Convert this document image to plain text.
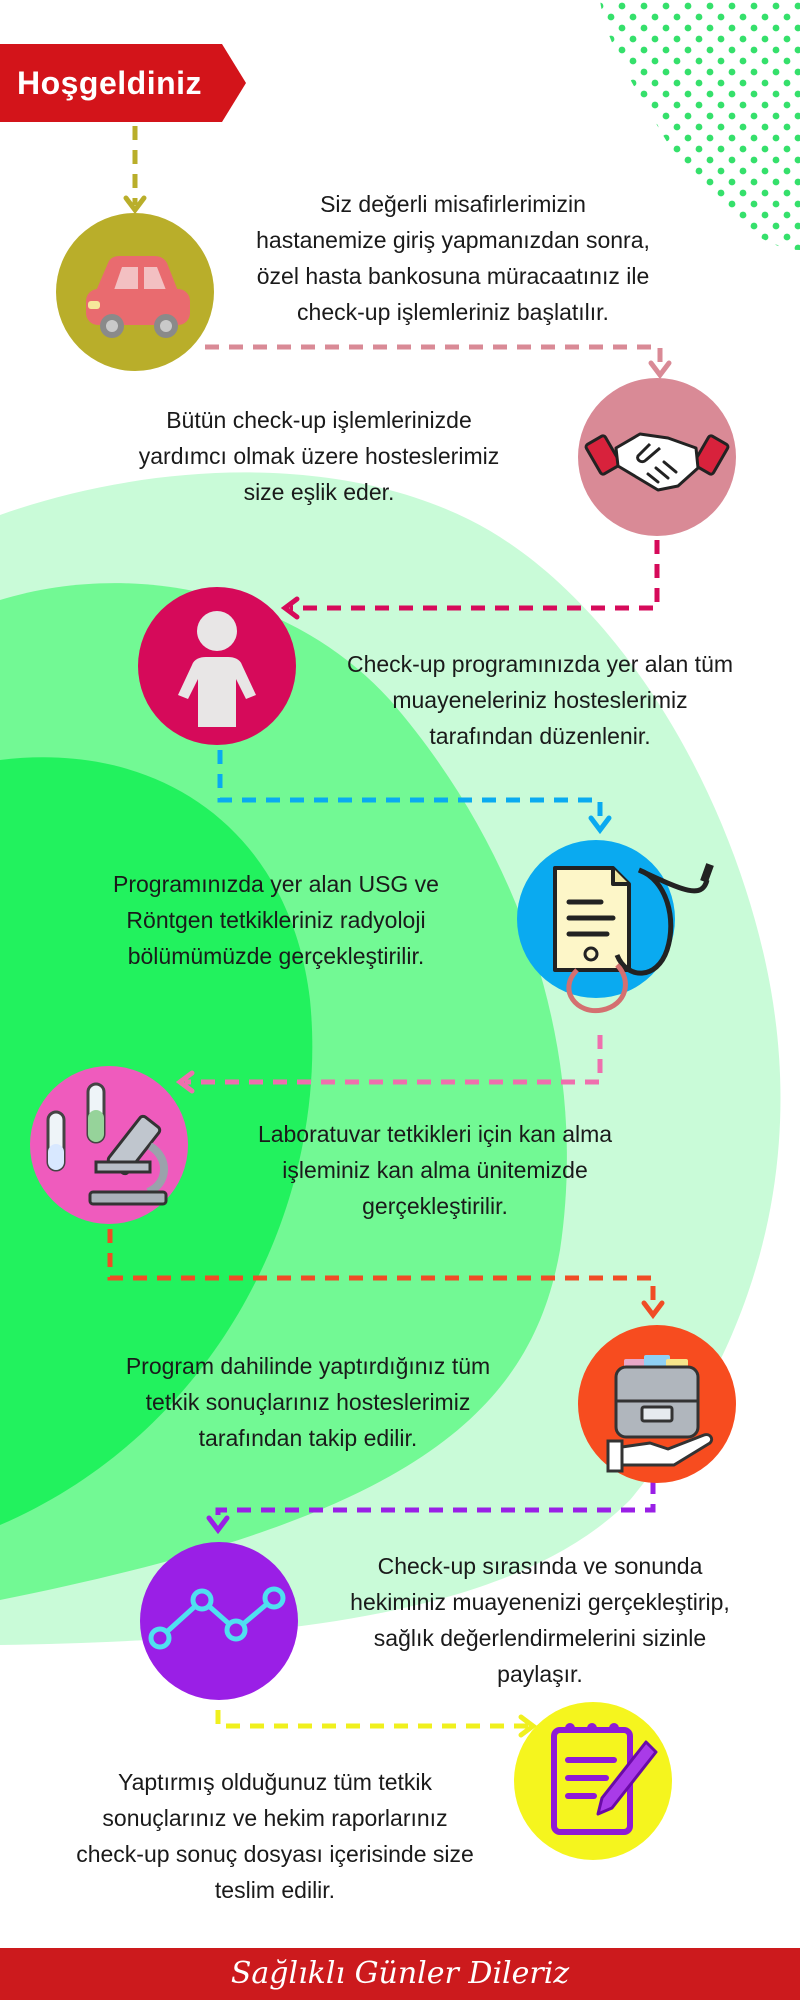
Hoşgeldiniz

Siz değerli misafirlerimizin
hastanemize giriş yapmanızdan sonra,
özel hasta bankosuna müracaatınız ile
check-up işlemleriniz başlatılır.

Bütün check-up işlemlerinizde
yardımcı olmak üzere hosteslerimiz
size eşlik eder.

Check-up programınızda yer alan tüm
muayeneleriniz hosteslerimiz
tarafından düzenlenir.

Programınızda yer alan USG ve
Röntgen tetkikleriniz radyoloji
bölümümüzde gerçekleştirilir.

Laboratuvar tetkikleri için kan alma
işleminiz kan alma ünitemizde
gerçekleştirilir.

Program dahilinde yaptırdığınız tüm
tetkik sonuçlarınız hosteslerimiz
tarafından takip edilir.

Check-up sırasında ve sonunda
hekiminiz muayenenizi gerçekleştirip,
sağlık değerlendirmelerini sizinle
paylaşır.

Yaptırmış olduğunuz tüm tetkik
sonuçlarınız ve hekim raporlarınız
check-up sonuç dosyası içerisinde size
teslim edilir.

Sağlıklı Günler Dileriz
